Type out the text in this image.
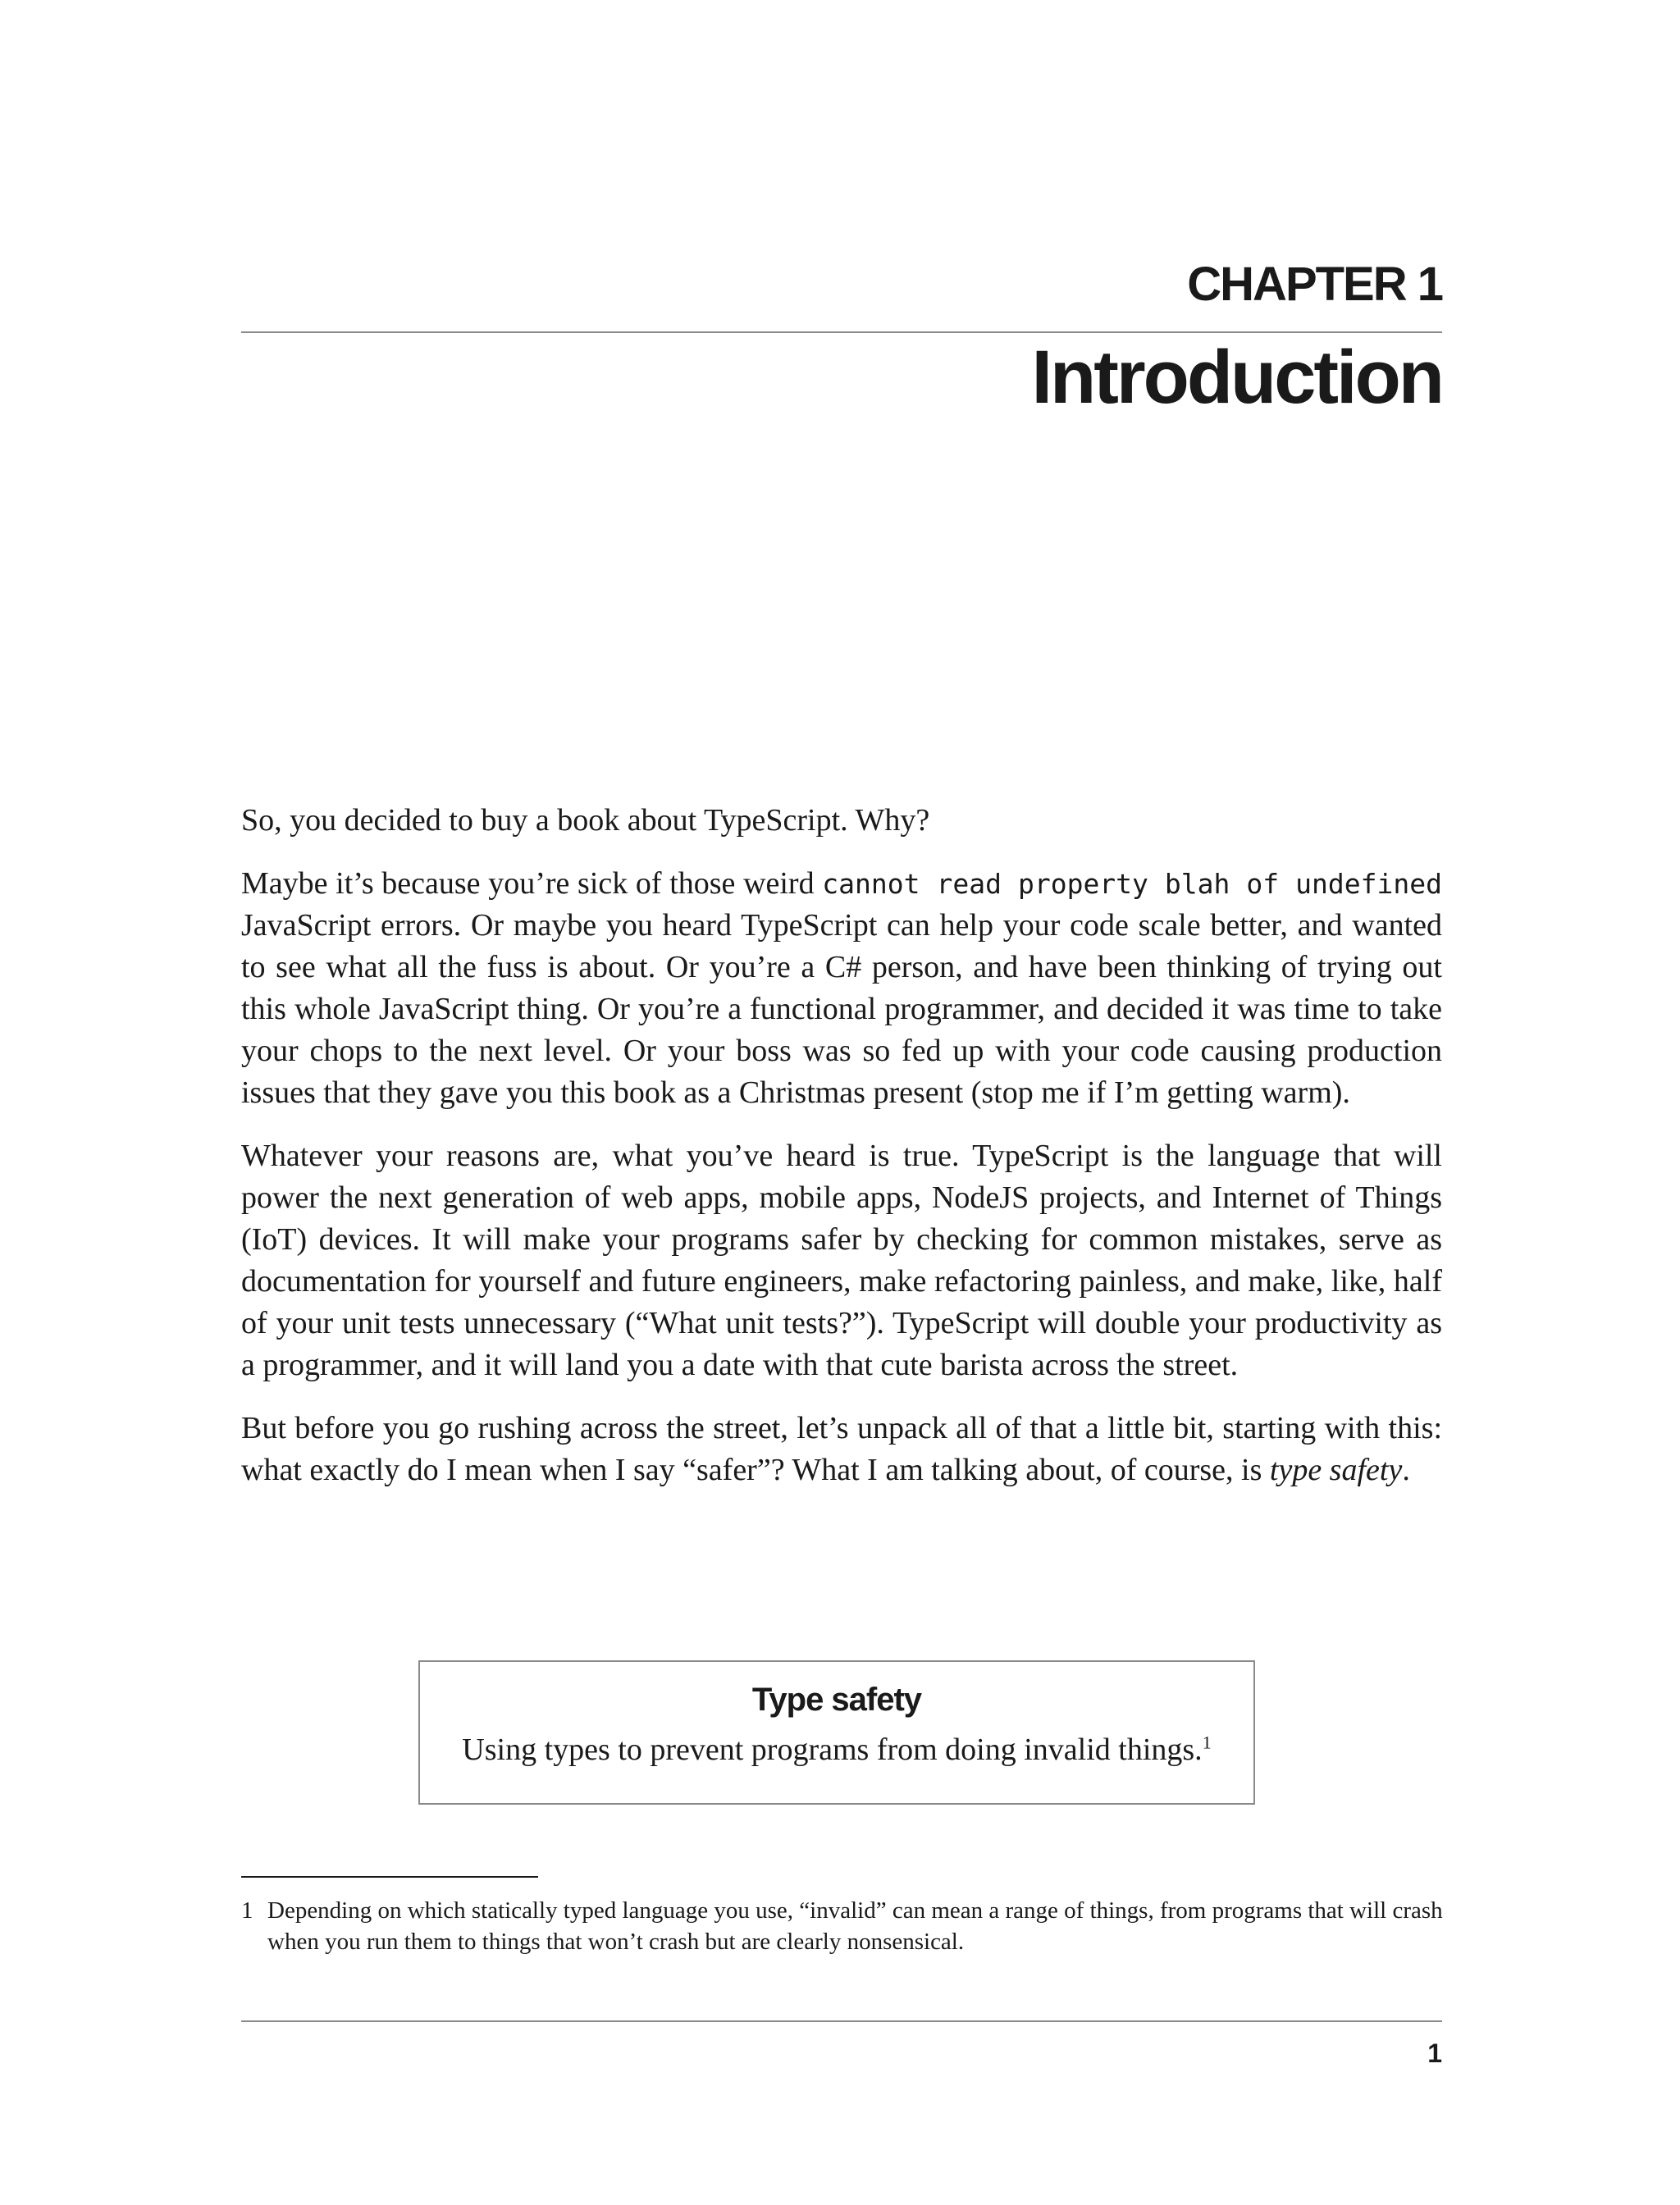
CHAPTER 1
Introduction

So, you decided to buy a book about TypeScript. Why?

Maybe it’s because you’re sick of those weird cannot read property blah of undefined JavaScript errors. Or maybe you heard TypeScript can help your code scale better, and wanted to see what all the fuss is about. Or you’re a C# person, and have been thinking of trying out this whole JavaScript thing. Or you’re a functional programmer, and decided it was time to take your chops to the next level. Or your boss was so fed up with your code causing production issues that they gave you this book as a Christmas present (stop me if I’m getting warm).

Whatever your reasons are, what you’ve heard is true. TypeScript is the language that will power the next generation of web apps, mobile apps, NodeJS projects, and Internet of Things (IoT) devices. It will make your programs safer by checking for common mistakes, serve as documentation for yourself and future engineers, make refactoring painless, and make, like, half of your unit tests unnecessary (“What unit tests?”). TypeScript will double your productivity as a programmer, and it will land you a date with that cute barista across the street.

But before you go rushing across the street, let’s unpack all of that a little bit, starting with this: what exactly do I mean when I say “safer”? What I am talking about, of course, is type safety.

Type safety
Using types to prevent programs from doing invalid things.$^1$
1 Depending on which statically typed language you use, “invalid” can mean a range of things, from programs that will crash when you run them to things that won’t crash but are clearly nonsensical.
1
